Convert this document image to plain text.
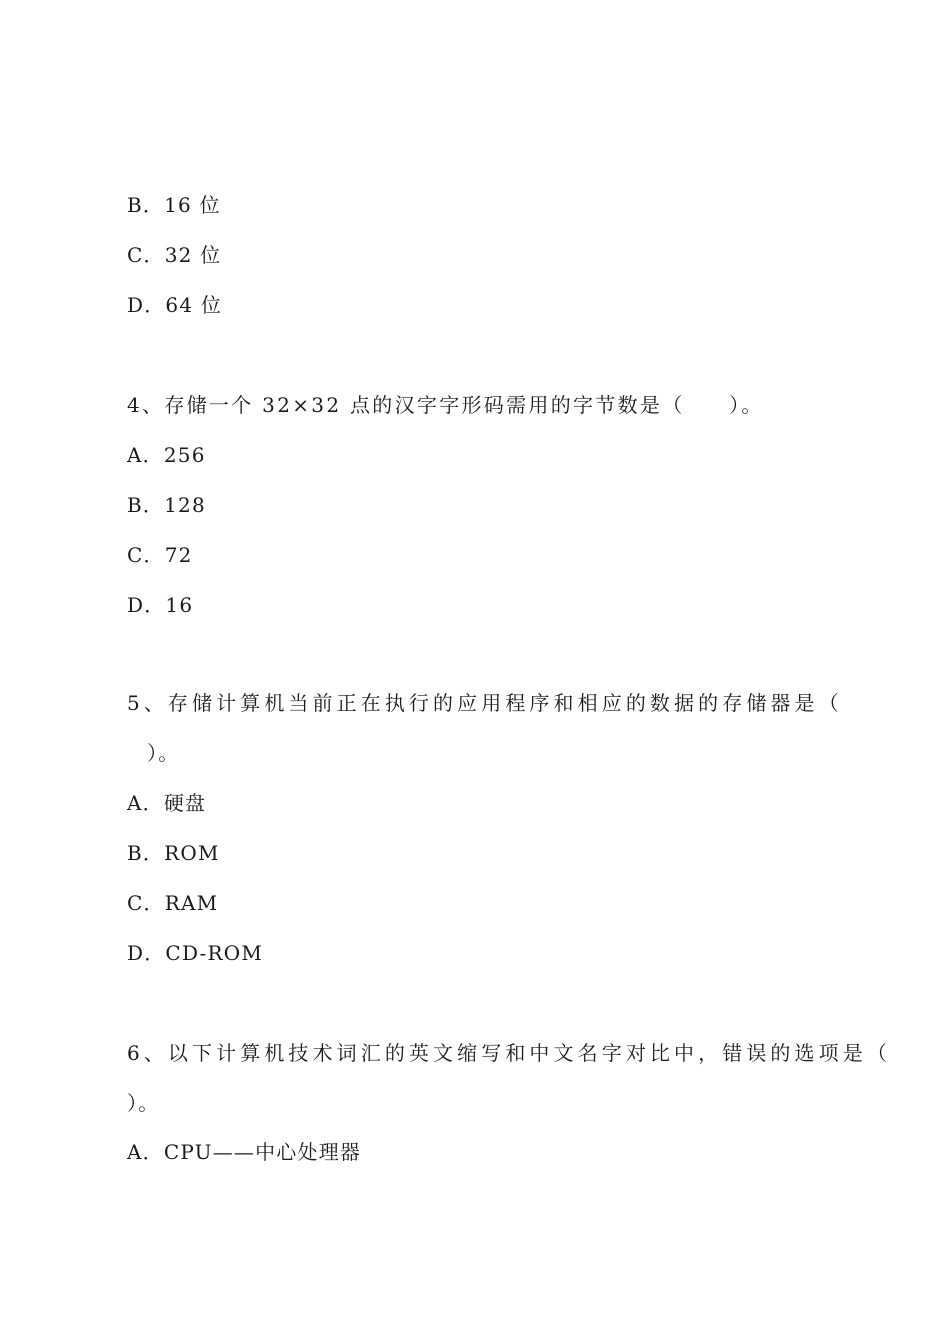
B．16 位
C．32 位
D．64 位
4、存储一个 32×32 点的汉字字形码需用的字节数是（　　）。
A．256
B．128
C．72
D．16
5、存储计算机当前正在执行的应用程序和相应的数据的存储器是（
）。
A．硬盘
B．ROM
C．RAM
D．CD-ROM
6、以下计算机技术词汇的英文缩写和中文名字对比中，错误的选项是（
）。
A．CPU——中心处理器
